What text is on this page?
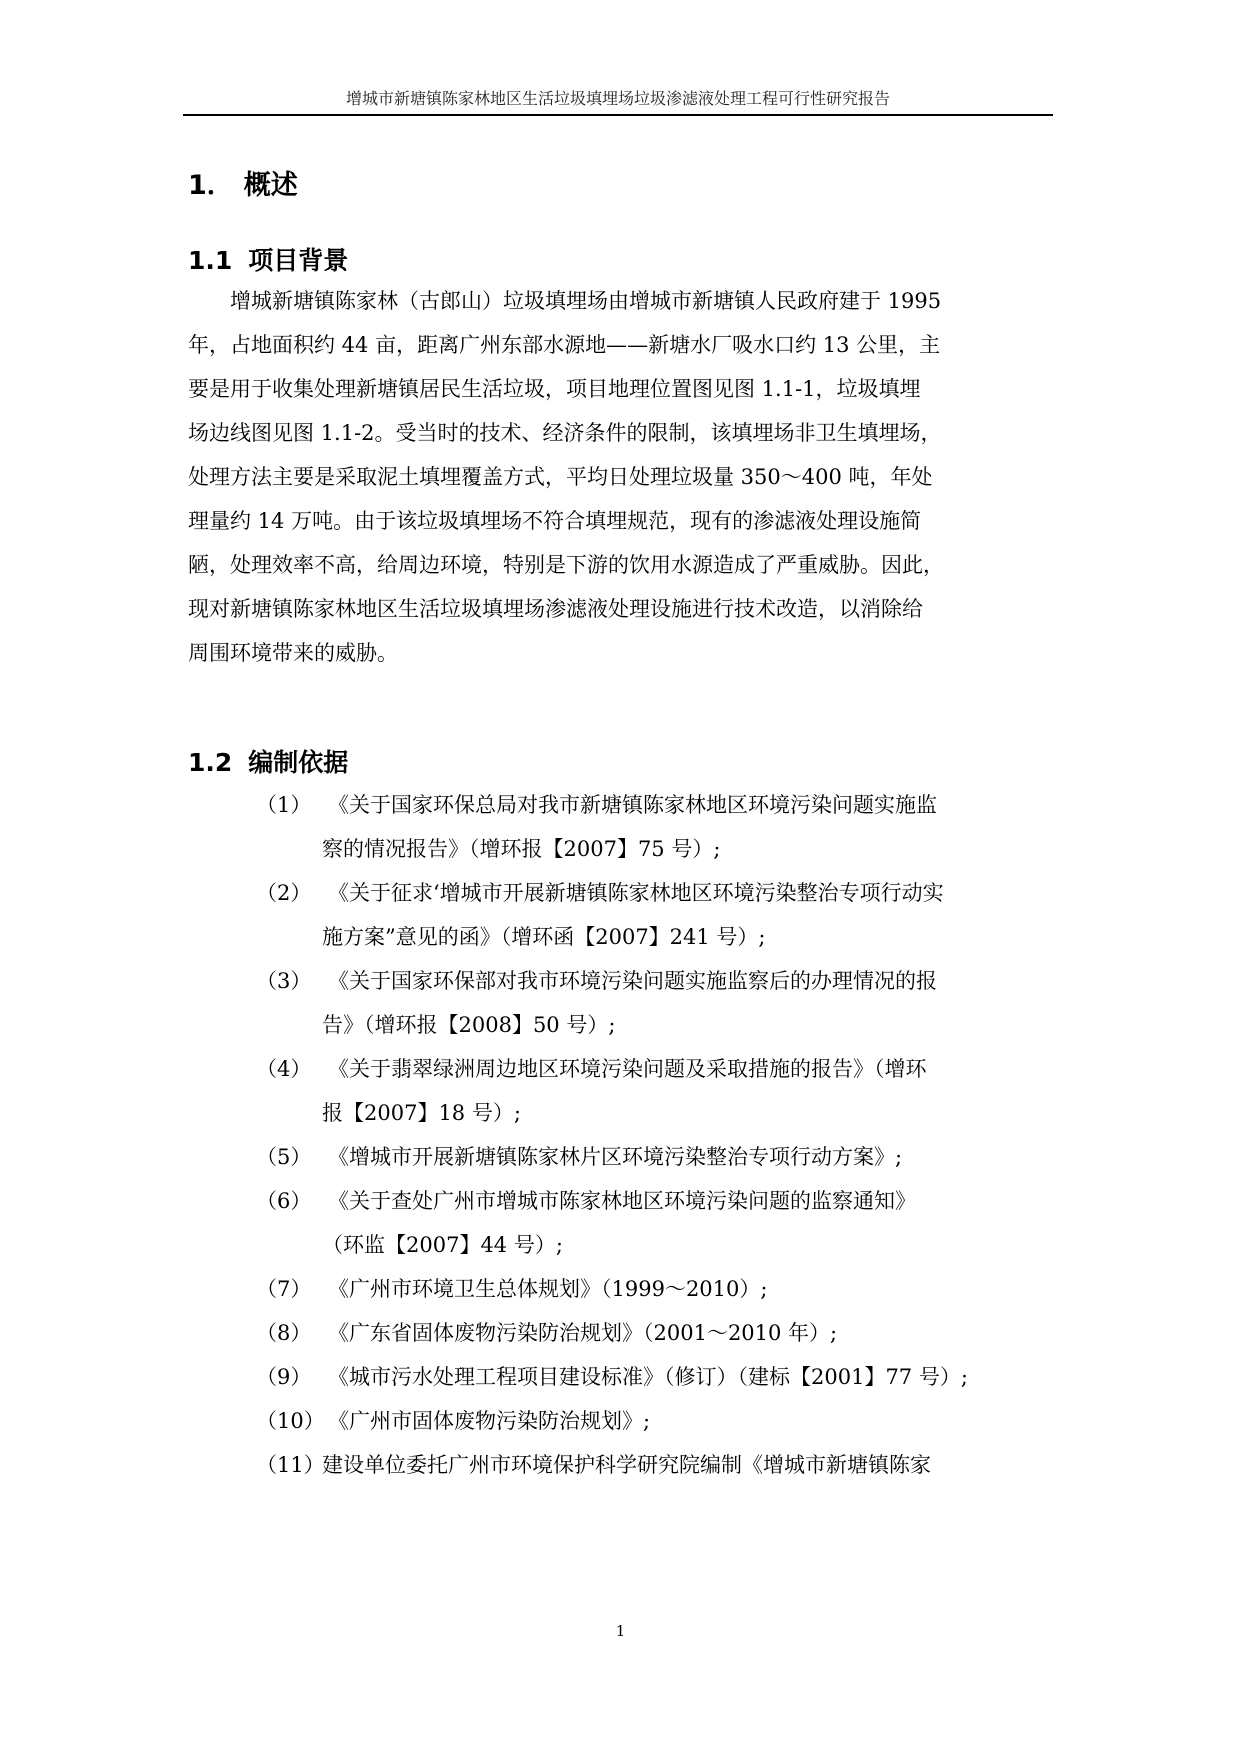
增城市新塘镇陈家林地区生活垃圾填埋场垃圾渗滤液处理工程可行性研究报告
1． 概述
1.1 项目背景
增城新塘镇陈家林（古郎山）垃圾填埋场由增城市新塘镇人民政府建于 1995
年，占地面积约 44 亩，距离广州东部水源地——新塘水厂吸水口约 13 公里，主
要是用于收集处理新塘镇居民生活垃圾，项目地理位置图见图 1.1-1，垃圾填埋
场边线图见图 1.1-2。受当时的技术、经济条件的限制，该填埋场非卫生填埋场，
处理方法主要是采取泥土填埋覆盖方式，平均日处理垃圾量 350～400 吨，年处
理量约 14 万吨。由于该垃圾填埋场不符合填埋规范，现有的渗滤液处理设施简
陋，处理效率不高，给周边环境，特别是下游的饮用水源造成了严重威胁。因此，
现对新塘镇陈家林地区生活垃圾填埋场渗滤液处理设施进行技术改造，以消除给
周围环境带来的威胁。
1.2 编制依据
（1） 《关于国家环保总局对我市新塘镇陈家林地区环境污染问题实施监
察的情况报告》（增环报【2007】75 号）;
（2） 《关于征求‘增城市开展新塘镇陈家林地区环境污染整治专项行动实
施方案”意见的函》（增环函【2007】241 号）;
（3） 《关于国家环保部对我市环境污染问题实施监察后的办理情况的报
告》（增环报【2008】50 号）;
（4） 《关于翡翠绿洲周边地区环境污染问题及采取措施的报告》（增环
报【2007】18 号）;
（5） 《增城市开展新塘镇陈家林片区环境污染整治专项行动方案》;
（6） 《关于查处广州市增城市陈家林地区环境污染问题的监察通知》
（环监【2007】44 号）;
（7） 《广州市环境卫生总体规划》（1999～2010）;
（8） 《广东省固体废物污染防治规划》（2001～2010 年）;
（9） 《城市污水处理工程项目建设标准》（修订）（建标【2001】77 号）;
（10） 《广州市固体废物污染防治规划》;
（11）
建设单位委托广州市环境保护科学研究院编制《增城市新塘镇陈家
1
